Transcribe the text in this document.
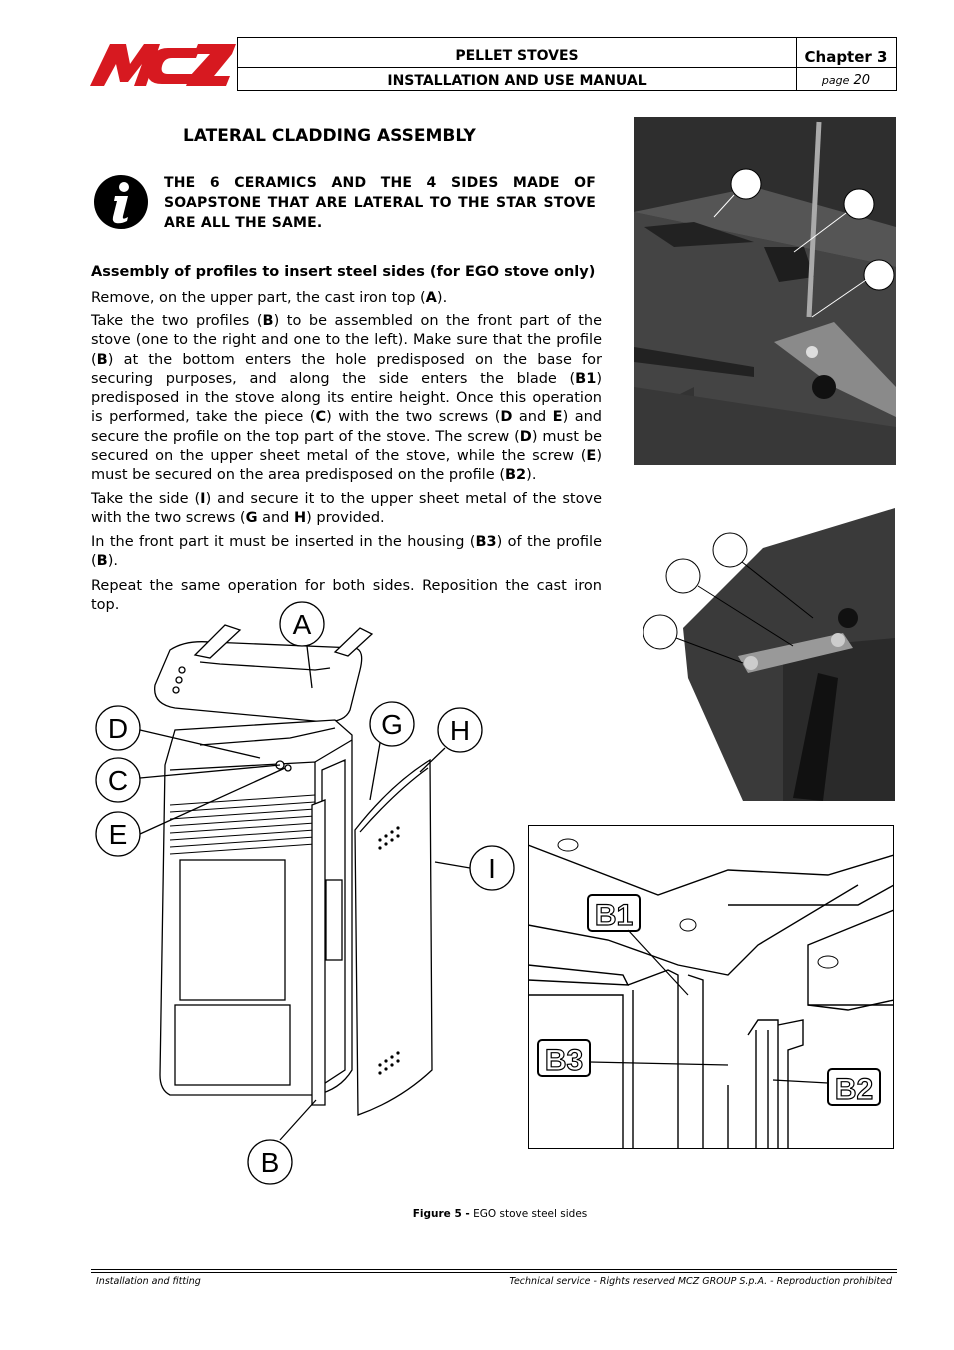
PELLET STOVES
INSTALLATION AND USE MANUAL
Chapter 3
page 20
LATERAL CLADDING ASSEMBLY
THE 6 CERAMICS AND THE 4 SIDES MADE OF SOAPSTONE THAT ARE LATERAL TO THE STAR STOVE ARE ALL THE SAME.
Assembly of profiles to insert steel sides (for EGO stove only)
Remove, on the upper part, the cast iron top (A).
Take the two profiles (B) to be assembled on the front part of the stove (one to the right and one to the left). Make sure that the profile (B) at the bottom enters the hole predisposed on the base for securing purposes, and along the side enters the blade (B1) predisposed in the stove along its entire height. Once this operation is performed, take the piece (C) with the two screws (D and E) and secure the profile on the top part of the stove. The screw (D) must be secured on the upper sheet metal of the stove, while the screw (E) must be secured on the area predisposed on the profile (B2).
Take the side (I) and secure it to the upper sheet metal of the stove with the two screws (G and H) provided.
In the front part it must be inserted in the housing (B3) of the profile (B).
Repeat the same operation for both sides. Reposition the cast iron top.
A
D
C
E
G H
I
B
B1
B3
B2
Figure 5 - EGO stove steel sides
Installation and fitting	Technical service - Rights reserved MCZ GROUP S.p.A. - Reproduction prohibited
